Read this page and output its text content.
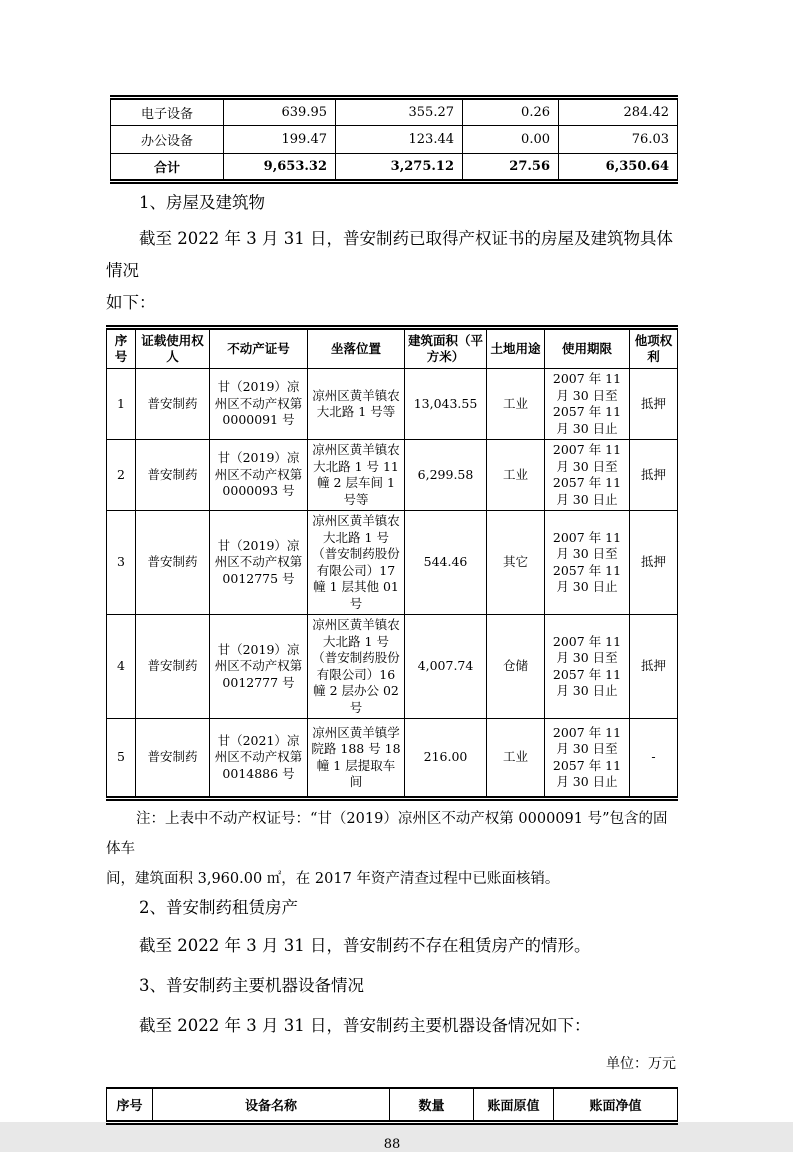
电子设备	639.95	355.27	0.26	284.42
办公设备	199.47	123.44	0.00	76.03
合计	9,653.32	3,275.12	27.56	6,350.64
1、房屋及建筑物
截至 2022 年 3 月 31 日，普安制药已取得产权证书的房屋及建筑物具体情况
如下：
序号	证载使用权人	不动产证号	坐落位置	建筑面积（平方米）	土地用途	使用期限	他项权利
1	普安制药	甘（2019）凉州区不动产权第 0000091 号	凉州区黄羊镇农大北路 1 号等	13,043.55	工业	2007 年 11 月 30 日至 2057 年 11 月 30 日止	抵押
2	普安制药	甘（2019）凉州区不动产权第 0000093 号	凉州区黄羊镇农大北路 1 号 11 幢 2 层车间 1 号等	6,299.58	工业	2007 年 11 月 30 日至 2057 年 11 月 30 日止	抵押
3	普安制药	甘（2019）凉州区不动产权第 0012775 号	凉州区黄羊镇农大北路 1 号（普安制药股份有限公司）17 幢 1 层其他 01 号	544.46	其它	2007 年 11 月 30 日至 2057 年 11 月 30 日止	抵押
4	普安制药	甘（2019）凉州区不动产权第 0012777 号	凉州区黄羊镇农大北路 1 号（普安制药股份有限公司）16 幢 2 层办公 02 号	4,007.74	仓储	2007 年 11 月 30 日至 2057 年 11 月 30 日止	抵押
5	普安制药	甘（2021）凉州区不动产权第 0014886 号	凉州区黄羊镇学院路 188 号 18 幢 1 层提取车间	216.00	工业	2007 年 11 月 30 日至 2057 年 11 月 30 日止	-
注：上表中不动产权证号：“甘（2019）凉州区不动产权第 0000091 号”包含的固体车
间，建筑面积 3,960.00 ㎡，在 2017 年资产清查过程中已账面核销。
2、普安制药租赁房产
截至 2022 年 3 月 31 日，普安制药不存在租赁房产的情形。
3、普安制药主要机器设备情况
截至 2022 年 3 月 31 日，普安制药主要机器设备情况如下：
单位：万元
序号	设备名称	数量	账面原值	账面净值
88
